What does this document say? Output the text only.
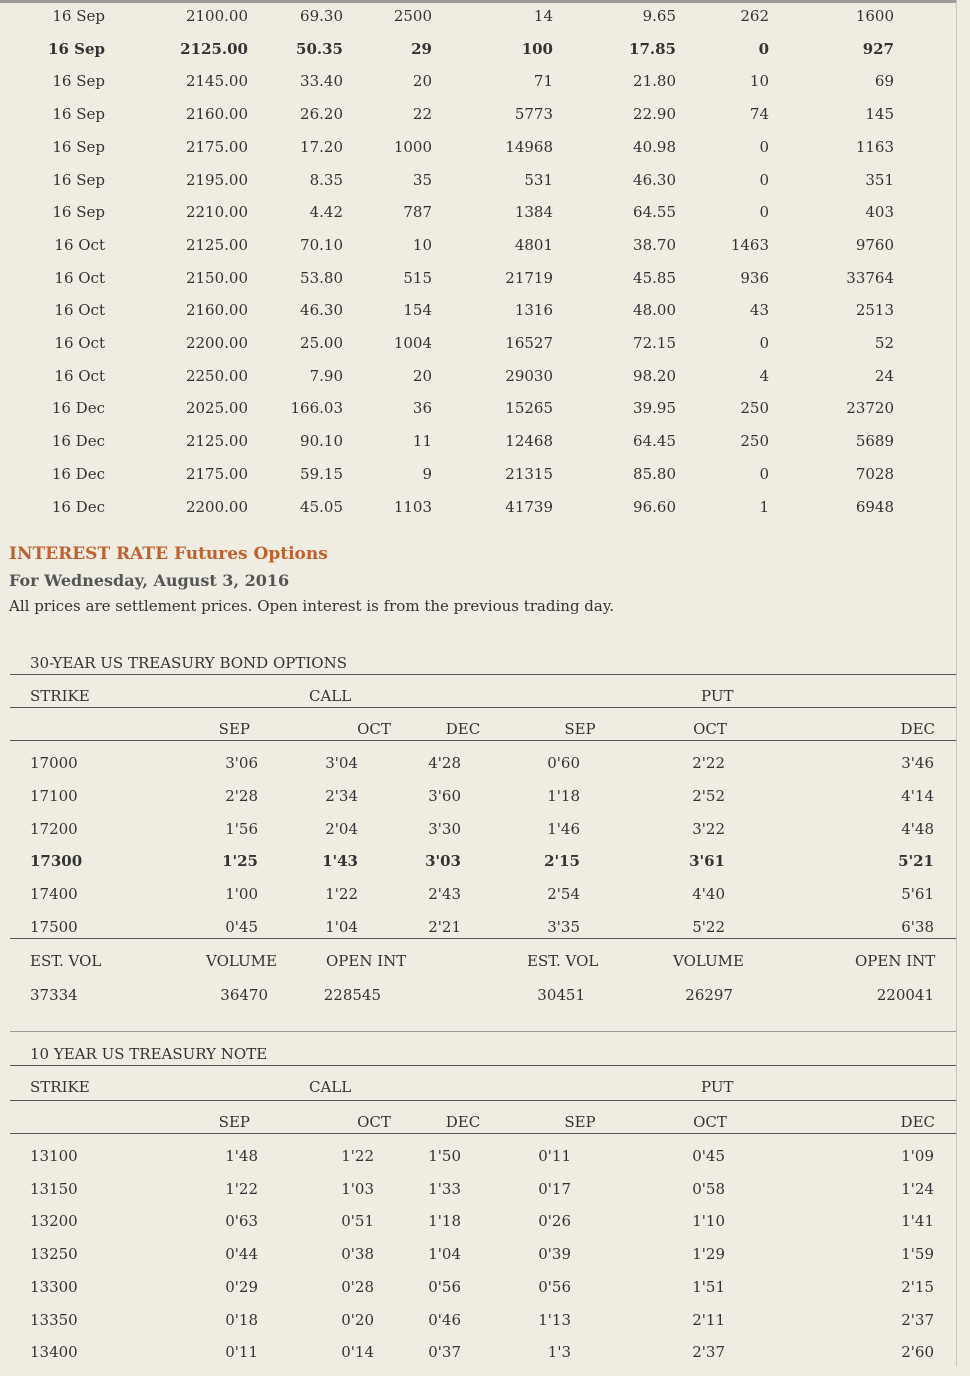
16 Sep	2100.00	69.30	2500	14	9.65	262	1600
16 Sep	2125.00	50.35	29	100	17.85	0	927
16 Sep	2145.00	33.40	20	71	21.80	10	69
16 Sep	2160.00	26.20	22	5773	22.90	74	145
16 Sep	2175.00	17.20	1000	14968	40.98	0	1163
16 Sep	2195.00	8.35	35	531	46.30	0	351
16 Sep	2210.00	4.42	787	1384	64.55	0	403
16 Oct	2125.00	70.10	10	4801	38.70	1463	9760
16 Oct	2150.00	53.80	515	21719	45.85	936	33764
16 Oct	2160.00	46.30	154	1316	48.00	43	2513
16 Oct	2200.00	25.00	1004	16527	72.15	0	52
16 Oct	2250.00	7.90	20	29030	98.20	4	24
16 Dec	2025.00	166.03	36	15265	39.95	250	23720
16 Dec	2125.00	90.10	11	12468	64.45	250	5689
16 Dec	2175.00	59.15	9	21315	85.80	0	7028
16 Dec	2200.00	45.05	1103	41739	96.60	1	6948
INTEREST RATE Futures Options
For Wednesday, August 3, 2016
All prices are settlement prices. Open interest is from the previous trading day.
30-YEAR US TREASURY BOND OPTIONS
STRIKE	CALL	PUT
SEP	OCT	DEC	SEP	OCT	DEC
17000	3'06	3'04	4'28	0'60	2'22	3'46
17100	2'28	2'34	3'60	1'18	2'52	4'14
17200	1'56	2'04	3'30	1'46	3'22	4'48
17300	1'25	1'43	3'03	2'15	3'61	5'21
17400	1'00	1'22	2'43	2'54	4'40	5'61
17500	0'45	1'04	2'21	3'35	5'22	6'38
EST. VOL	VOLUME	OPEN INT	EST. VOL	VOLUME	OPEN INT
37334	36470	228545	30451	26297	220041
10 YEAR US TREASURY NOTE
STRIKE	CALL	PUT
SEP	OCT	DEC	SEP	OCT	DEC
13100	1'48	1'22	1'50	0'11	0'45	1'09
13150	1'22	1'03	1'33	0'17	0'58	1'24
13200	0'63	0'51	1'18	0'26	1'10	1'41
13250	0'44	0'38	1'04	0'39	1'29	1'59
13300	0'29	0'28	0'56	0'56	1'51	2'15
13350	0'18	0'20	0'46	1'13	2'11	2'37
13400	0'11	0'14	0'37	1'3	2'37	2'60
